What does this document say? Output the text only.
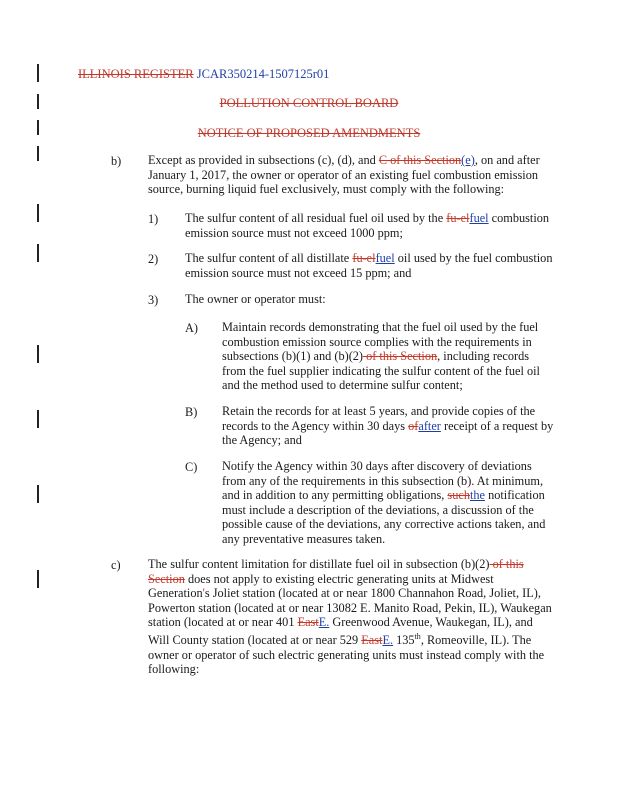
ILLINOIS REGISTER JCAR350214-1507125r01
POLLUTION CONTROL BOARD
NOTICE OF PROPOSED AMENDMENTS
b) Except as provided in subsections (c), (d), and C of this Section(e), on and after
January 1, 2017, the owner or operator of an existing fuel combustion emission
source, burning liquid fuel exclusively, must comply with the following:
1) The sulfur content of all residual fuel oil used by the fu-elfuel combustion
emission source must not exceed 1000 ppm;
2) The sulfur content of all distillate fu-elfuel oil used by the fuel combustion
emission source must not exceed 15 ppm; and
3) The owner or operator must:
A) Maintain records demonstrating that the fuel oil used by the fuel
combustion emission source complies with the requirements in
subsections (b)(1) and (b)(2) of this Section, including records
from the fuel supplier indicating the sulfur content of the fuel oil
and the method used to determine sulfur content;
B) Retain the records for at least 5 years, and provide copies of the
records to the Agency within 30 days ofafter receipt of a request by
the Agency; and
C) Notify the Agency within 30 days after discovery of deviations
from any of the requirements in this subsection (b). At minimum,
and in addition to any permitting obligations, suchthe notification
must include a description of the deviations, a discussion of the
possible cause of the deviations, any corrective actions taken, and
any preventative measures taken.
c) The sulfur content limitation for distillate fuel oil in subsection (b)(2) of this
Section does not apply to existing electric generating units at Midwest
Generation's Joliet station (located at or near 1800 Channahon Road, Joliet, IL),
Powerton station (located at or near 13082 E. Manito Road, Pekin, IL), Waukegan
station (located at or near 401 EastE. Greenwood Avenue, Waukegan, IL), and
Will County station (located at or near 529 EastE. 135th, Romeoville, IL). The
owner or operator of such electric generating units must instead comply with the
following:
